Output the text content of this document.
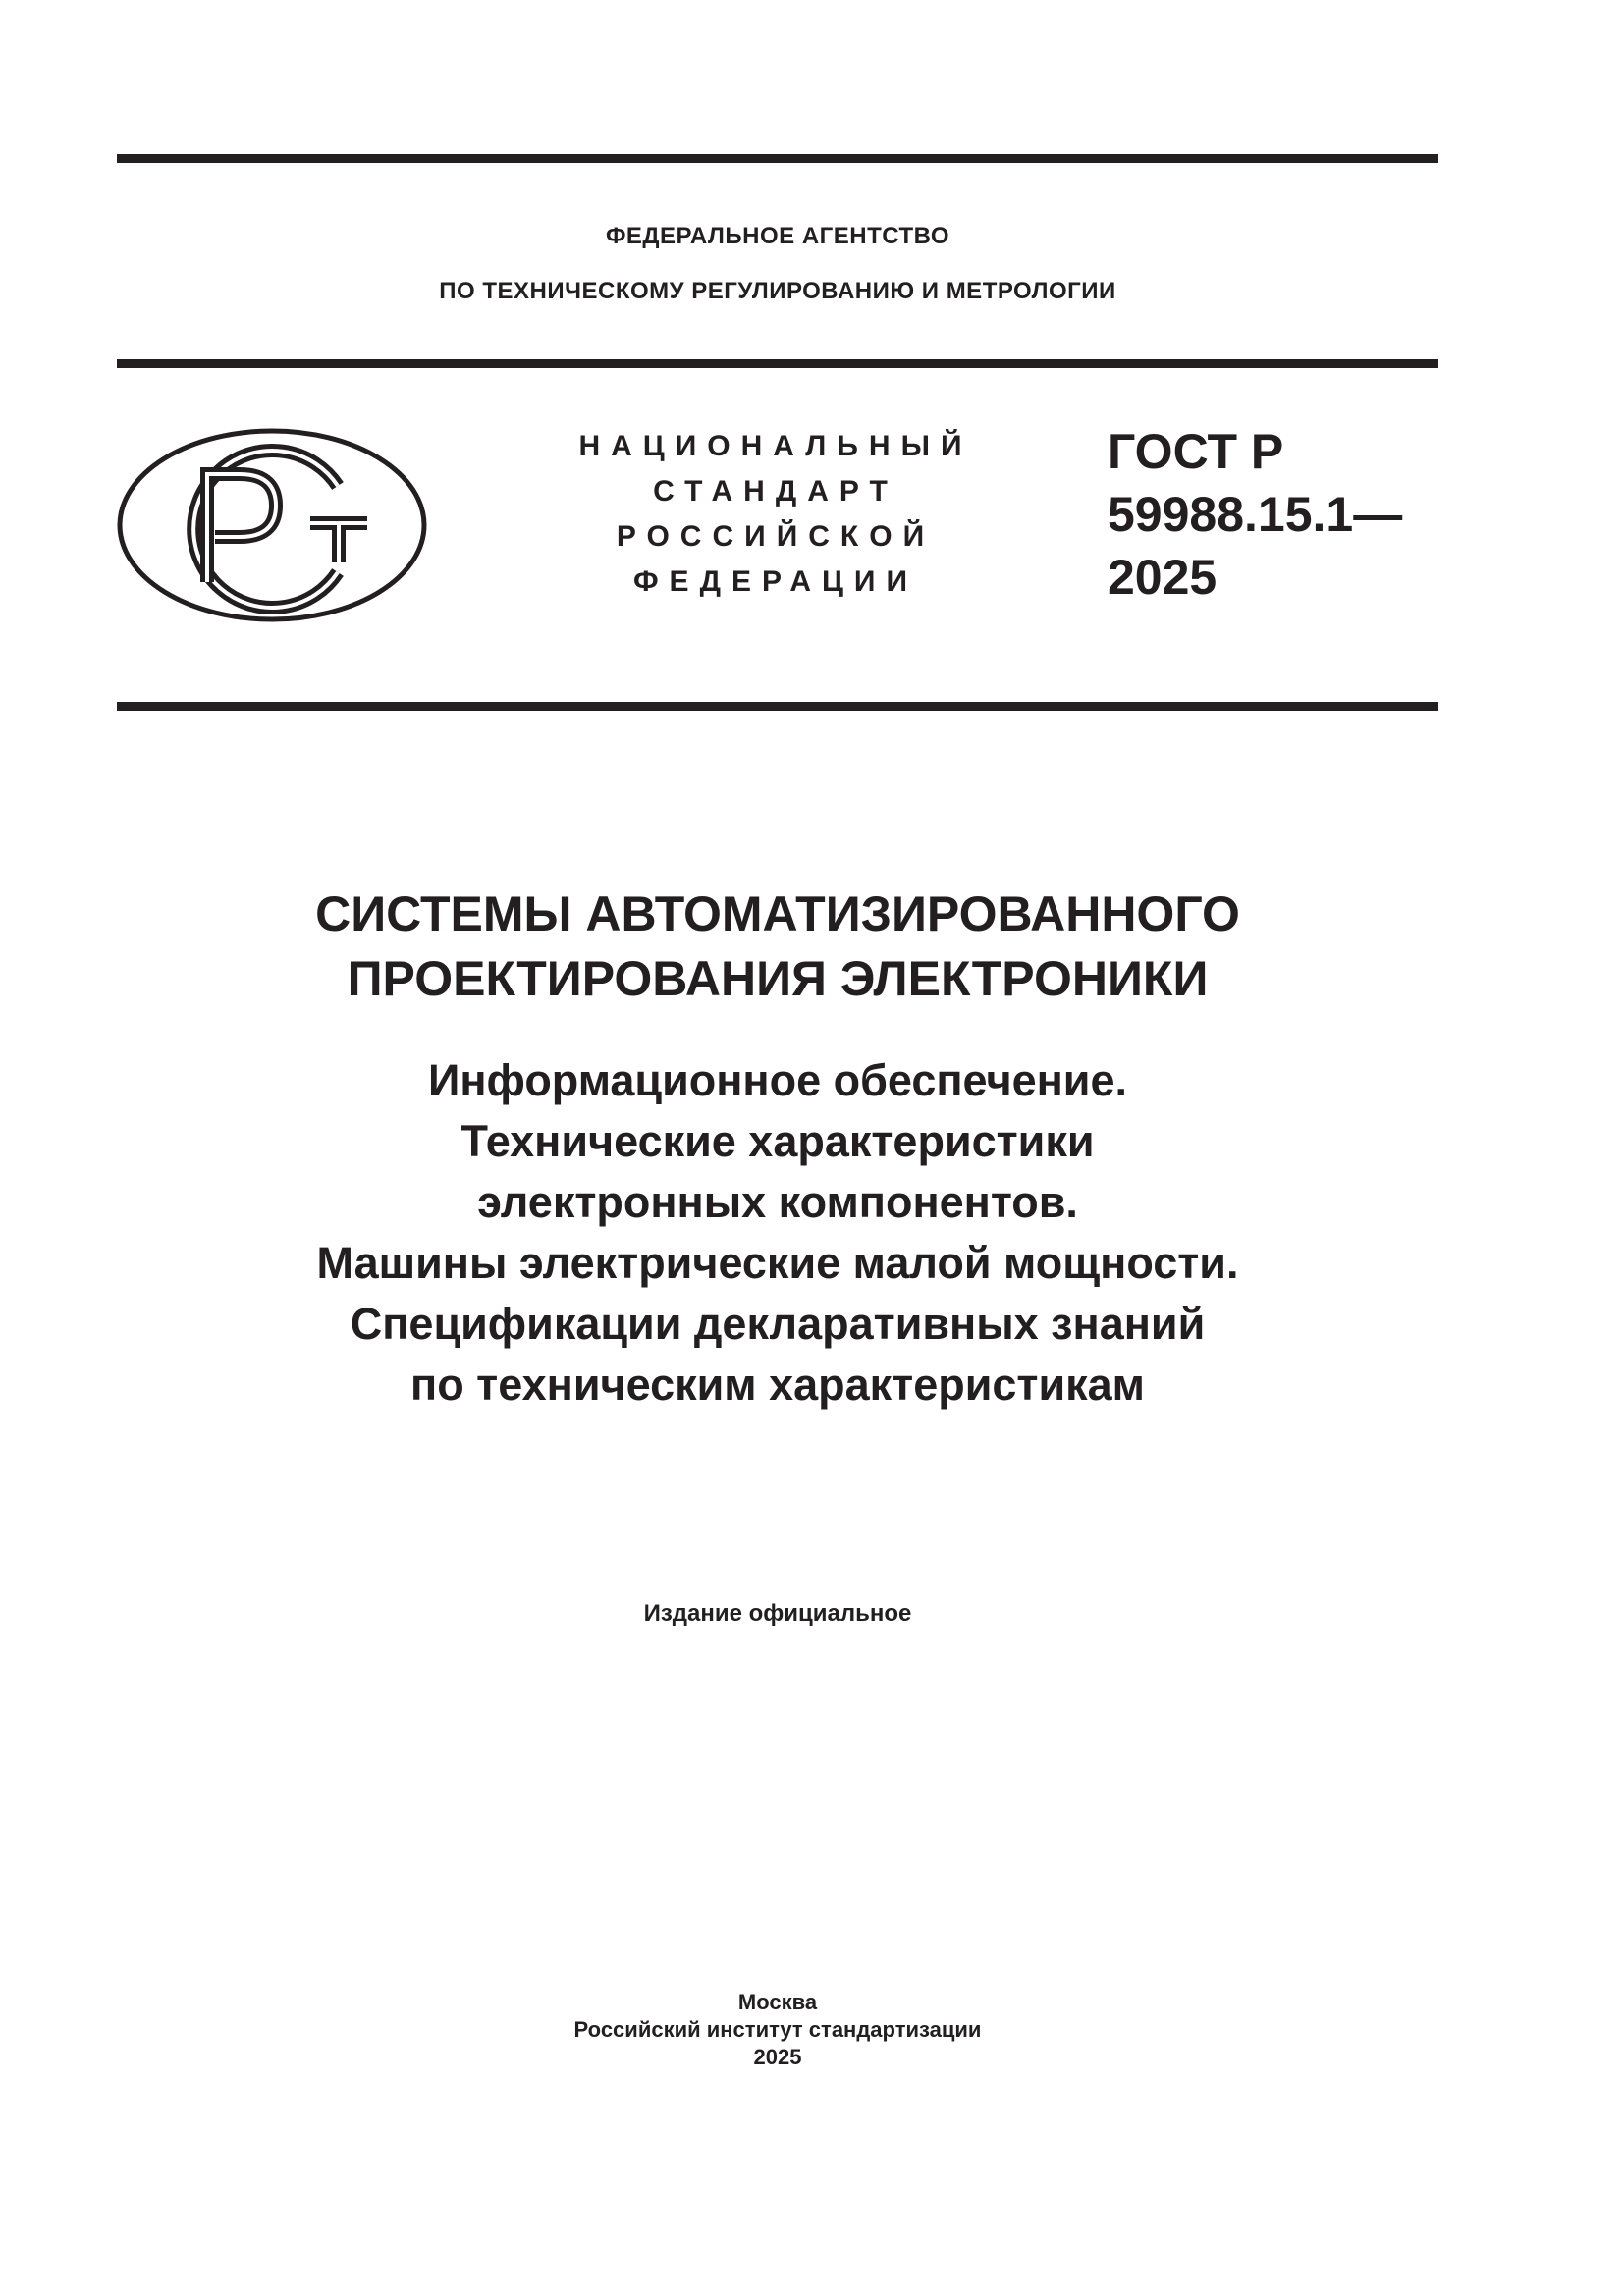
ФЕДЕРАЛЬНОЕ АГЕНТСТВО
ПО ТЕХНИЧЕСКОМУ РЕГУЛИРОВАНИЮ И МЕТРОЛОГИИ
НАЦИОНАЛЬНЫЙ
СТАНДАРТ
РОССИЙСКОЙ
ФЕДЕРАЦИИ
ГОСТ Р
59988.15.1—
2025
СИСТЕМЫ АВТОМАТИЗИРОВАННОГО
ПРОЕКТИРОВАНИЯ ЭЛЕКТРОНИКИ
Информационное обеспечение.
Технические характеристики
электронных компонентов.
Машины электрические малой мощности.
Спецификации декларативных знаний
по техническим характеристикам
Издание официальное
Москва
Российский институт стандартизации
2025
